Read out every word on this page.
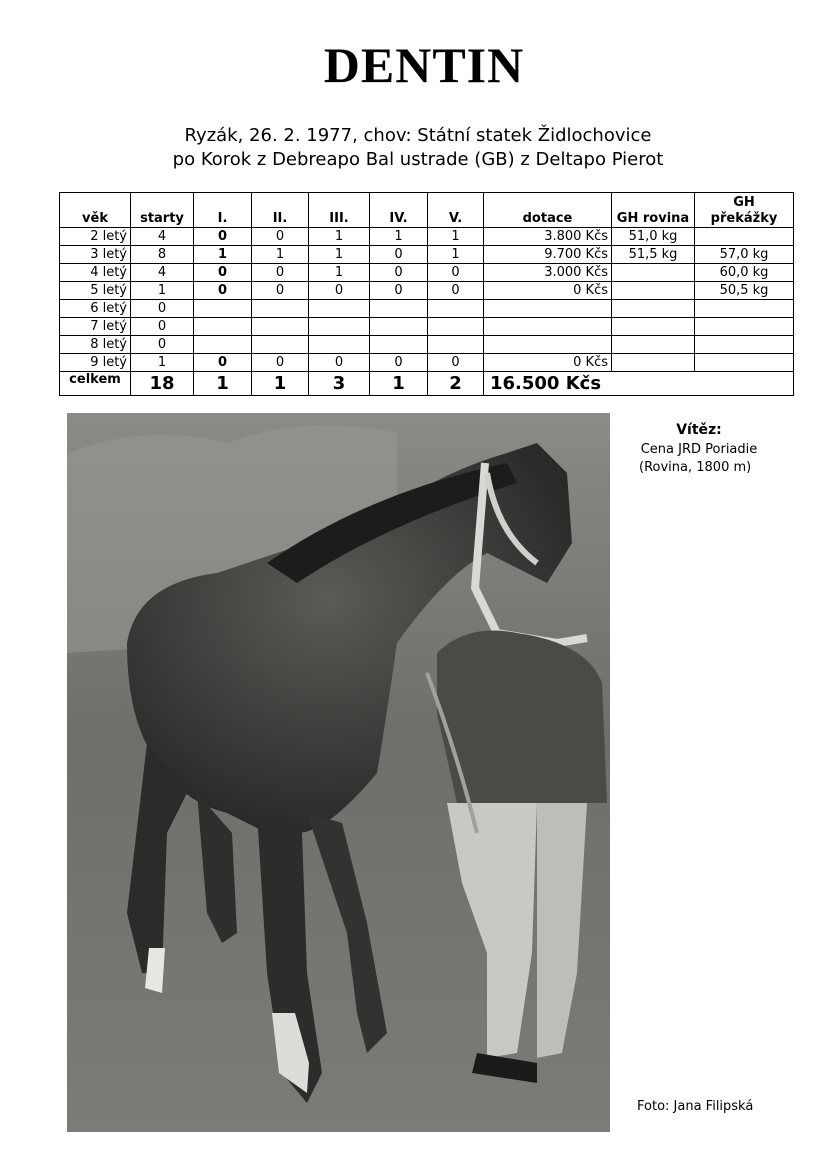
DENTIN
Ryzák, 26. 2. 1977, chov: Státní statek Židlochovice
po Korok z Debreapo Bal ustrade (GB) z Deltapo Pierot
věk	starty	I.	II.	III.	IV.	V.	dotace	GH rovina	GH překážky
2 letý	4	0	0	1	1	1	3.800 Kčs	51,0 kg	
3 letý	8	1	1	1	0	1	9.700 Kčs	51,5 kg	57,0 kg
4 letý	4	0	0	1	0	0	3.000 Kčs		60,0 kg
5 letý	1	0	0	0	0	0	0 Kčs		50,5 kg
6 letý	0								
7 letý	0								
8 letý	0								
9 letý	1	0	0	0	0	0	0 Kčs		
celkem	18	1	1	3	1	2	16.500 Kčs		
Vítěz:
Cena JRD Poriadie
(Rovina, 1800 m)
Foto: Jana Filipská
